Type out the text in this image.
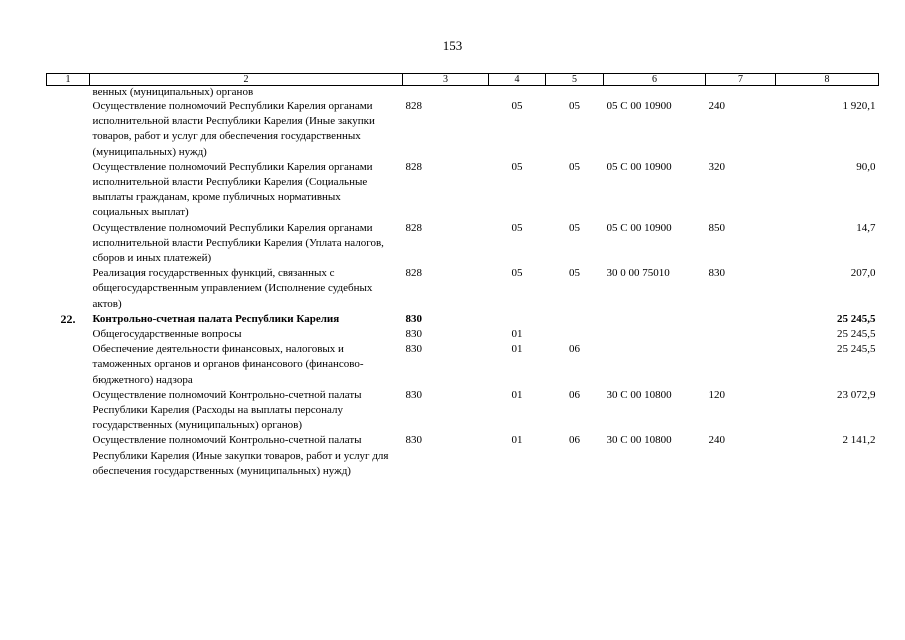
153
1	2	3	4	5	6	7	8
	венных (муниципальных) органов						
	Осуществление полномочий Республики Карелия органами исполнительной власти Республики Карелия (Иные закупки товаров, работ и услуг для обеспечения государственных (муниципальных) нужд)	828	05	05	05 С 00 10900	240	1 920,1
	Осуществление полномочий Республики Карелия органами исполнительной власти Республики Карелия (Социальные выплаты гражданам, кроме публичных нормативных социальных выплат)	828	05	05	05 С 00 10900	320	90,0
	Осуществление полномочий Республики Карелия органами исполнительной власти Республики Карелия (Уплата налогов, сборов и иных платежей)	828	05	05	05 С 00 10900	850	14,7
	Реализация государственных функций, связанных с общегосударственным управлением (Исполнение судебных актов)	828	05	05	30 0 00 75010	830	207,0
22.	Контрольно-счетная палата Республики Карелия	830					25 245,5
	Общегосударственные вопросы	830	01				25 245,5
	Обеспечение деятельности финансовых, налоговых и таможенных органов и органов финансового (финансово-бюджетного) надзора	830	01	06			25 245,5
	Осуществление полномочий Контрольно-счетной палаты Республики Карелия (Расходы на выплаты персоналу государственных (муниципальных) органов)	830	01	06	30 С 00 10800	120	23 072,9
	Осуществление полномочий Контрольно-счетной палаты Республики Карелия (Иные закупки товаров, работ и услуг для обеспечения государственных (муниципальных) нужд)	830	01	06	30 С 00 10800	240	2 141,2
